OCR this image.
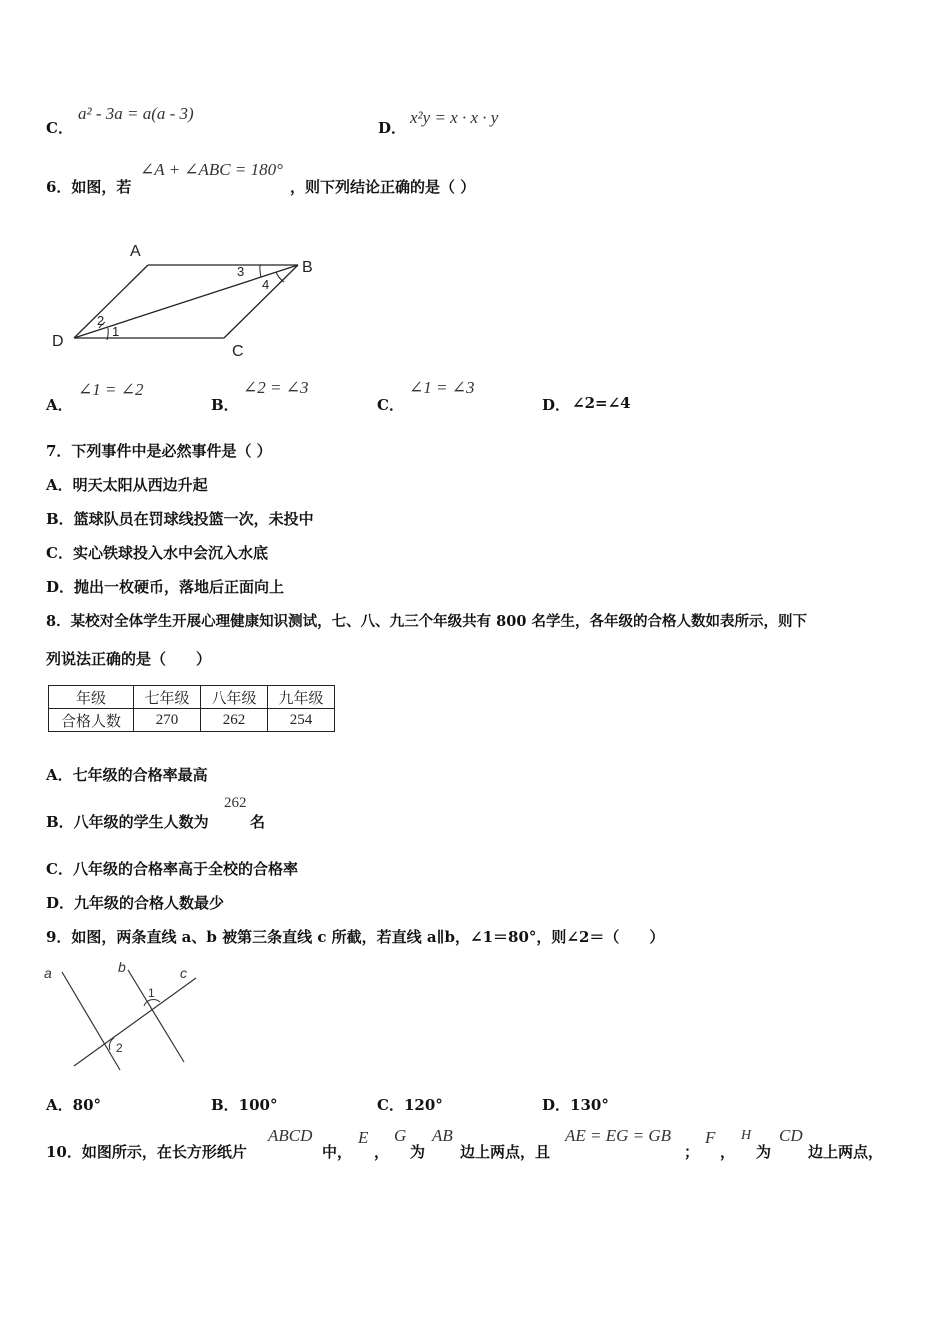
C．
a² - 3a = a(a - 3)
D．
x²y = x · x · y
6．如图，若
∠A + ∠ABC = 180°
，则下列结论正确的是（ ）
A
B
C
D
1
2
3
4
A．
∠1 = ∠2
B．
∠2 = ∠3
C．
∠1 = ∠3
D． ∠2=∠4
7．下列事件中是必然事件是（ ）
A．明天太阳从西边升起
B．篮球队员在罚球线投篮一次，未投中
C．实心铁球投入水中会沉入水底
D．抛出一枚硬币，落地后正面向上
8．某校对全体学生开展心理健康知识测试，七、八、九三个年级共有 800 名学生，各年级的合格人数如表所示，则下
列说法正确的是（　　）
年级	七年级	八年级	九年级
合格人数	270	262	254
A．七年级的合格率最高
B．八年级的学生人数为
262
名
C．八年级的合格率高于全校的合格率
D．九年级的合格人数最少
9．如图，两条直线 a、b 被第三条直线 c 所截，若直线 a∥b，∠1＝80°，则∠2＝（　　）
a	b	c
1
2
A．80°	B．100°	C．120°	D．130°
10．如图所示，在长方形纸片
ABCD
中，
E
，
G
为
AB
边上两点，且
AE = EG = GB
；
F
，
H
为
CD
边上两点，
